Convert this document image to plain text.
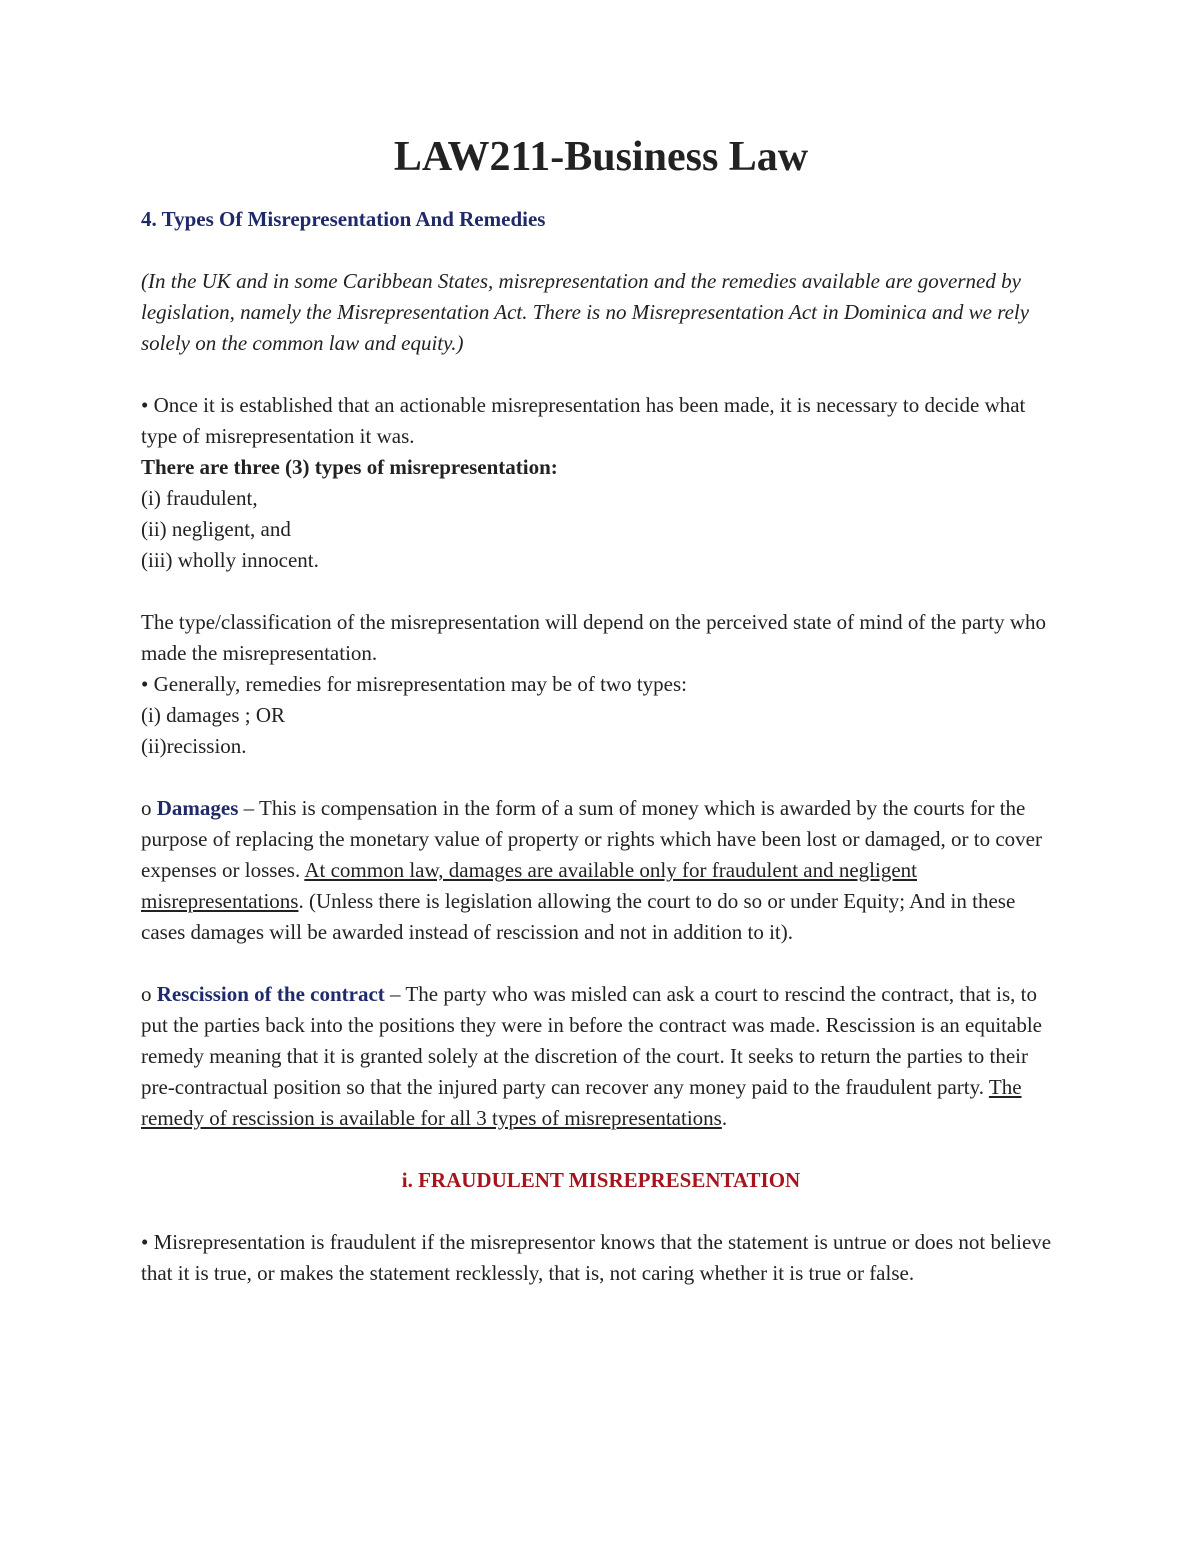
LAW211-Business Law

4. Types Of Misrepresentation And Remedies

(In the UK and in some Caribbean States, misrepresentation and the remedies available are governed by legislation, namely the Misrepresentation Act. There is no Misrepresentation Act in Dominica and we rely solely on the common law and equity.)

• Once it is established that an actionable misrepresentation has been made, it is necessary to decide what type of misrepresentation it was.

There are three (3) types of misrepresentation:

(i) fraudulent,

(ii) negligent, and

(iii) wholly innocent.

The type/classification of the misrepresentation will depend on the perceived state of mind of the party who made the misrepresentation.

• Generally, remedies for misrepresentation may be of two types:

(i) damages ; OR

(ii)recission.

o Damages – This is compensation in the form of a sum of money which is awarded by the courts for the purpose of replacing the monetary value of property or rights which have been lost or damaged, or to cover expenses or losses. At common law, damages are available only for fraudulent and negligent misrepresentations. (Unless there is legislation allowing the court to do so or under Equity; And in these cases damages will be awarded instead of rescission and not in addition to it).

o Rescission of the contract – The party who was misled can ask a court to rescind the contract, that is, to put the parties back into the positions they were in before the contract was made. Rescission is an equitable remedy meaning that it is granted solely at the discretion of the court. It seeks to return the parties to their pre-contractual position so that the injured party can recover any money paid to the fraudulent party. The remedy of rescission is available for all 3 types of misrepresentations.

i. FRAUDULENT MISREPRESENTATION

• Misrepresentation is fraudulent if the misrepresentor knows that the statement is untrue or does not believe that it is true, or makes the statement recklessly, that is, not caring whether it is true or false.
